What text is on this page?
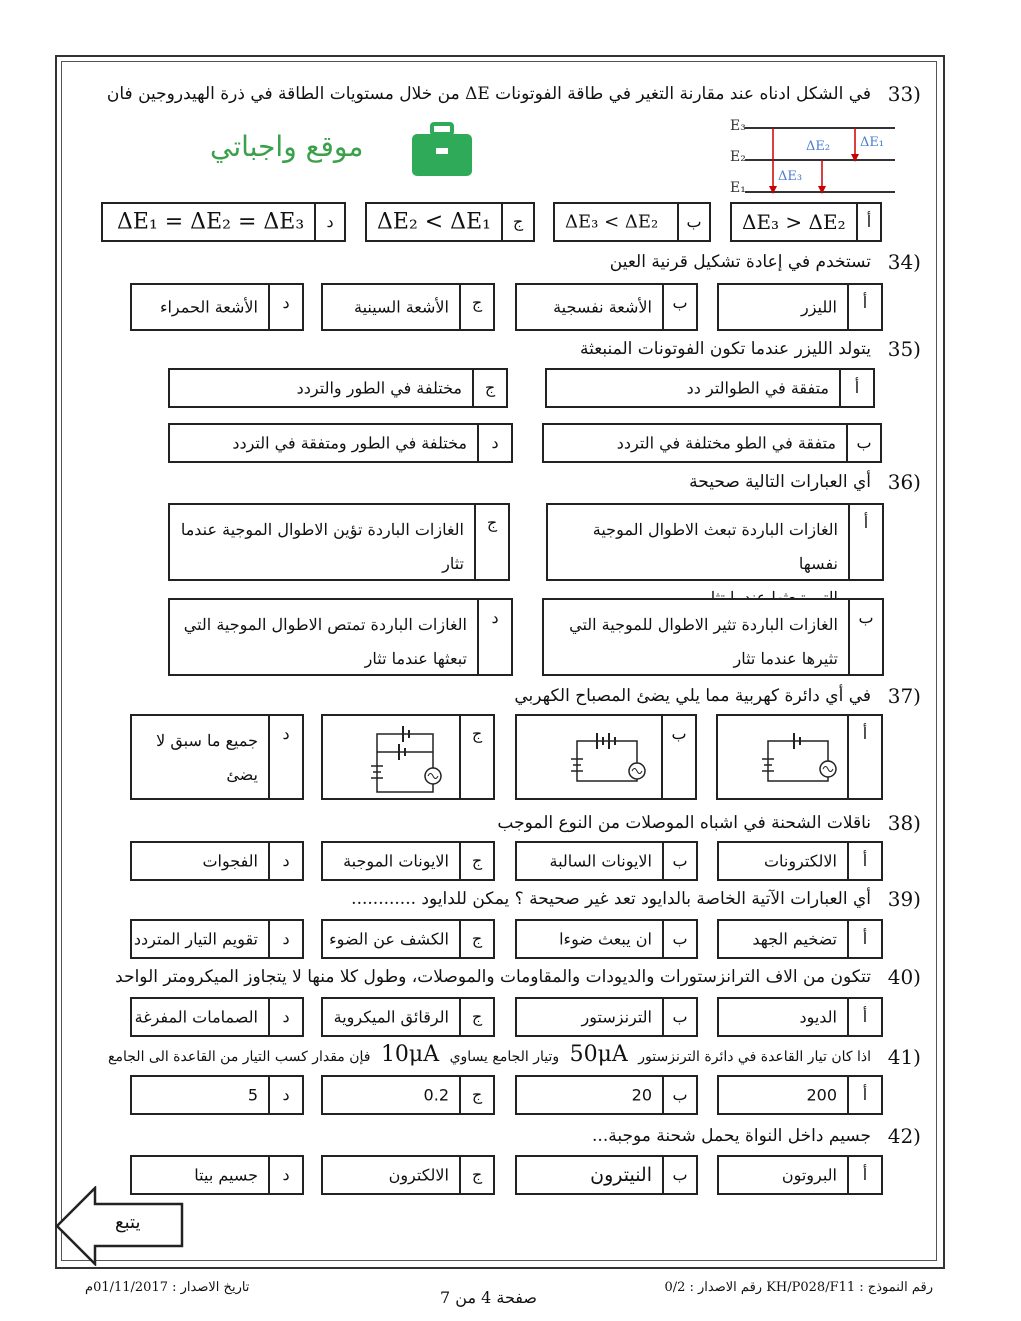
33)
في الشكل ادناه عند مقارنة التغير في طاقة الفوتونات ΔE من خلال مستويات الطاقة في ذرة الهيدروجين فان
موقع واجباتي
E₃
E₂
E₁
ΔE₂ ΔE₁
ΔE₃
أ
ΔE₃ > ΔE₂
ب
ΔE₃ < ΔE₂
ج
ΔE₂ < ΔE₁
د
ΔE₁ = ΔE₂ = ΔE₃
34)
تستخدم في إعادة تشكيل قرنية العين
أ
الليزر
ب
الأشعة نفسجية
ج
الأشعة السينية
د
الأشعة الحمراء
35)
يتولد الليزر عندما تكون الفوتونات المنبعثة
أ
متفقة في الطوالتر دد
ج
مختلفة في الطور والتردد
ب
متفقة في الطو مختلفة في التردد
د
مختلفة في الطور ومتفقة في التردد
36)
أي العبارات التالية صحيحة
أ
الغازات الباردة تبعث الاطوال الموجية نفسها
ج
الغازات الباردة تؤين الاطوال الموجية عندما
تثار
ب
الغازات الباردة تثير الاطوال للموجية التي
تثيرها عندما تثار
د
الغازات الباردة تمتص الاطوال الموجية التي
تبعثها عندما تثار
37)
في أي دائرة كهربية مما يلي يضئ المصباح الكهربي
أ
ب
ج
د
جميع ما سبق لا
يضئ
38)
ناقلات الشحنة في اشباه الموصلات من النوع الموجب
أ
الالكترونات
ب
الايونات السالبة
ج
الايونات الموجبة
د
الفجوات
39)
أي العبارات الآتية الخاصة بالدايود تعد غير صحيحة ؟ يمكن للدايود ............
أ
تضخيم الجهد
ب
ان يبعث ضوءا
ج
الكشف عن الضوء
د
تقويم التيار المتردد
40)
تتكون من الاف الترانزستورات والديودات والمقاومات والموصلات، وطول كلا منها لا يتجاوز الميكرومتر الواحد
أ
الديود
ب
الترنزستور
ج
الرقائق الميكروية
د
الصمامات المفرغة
41)
اذا كان تيار القاعدة في دائرة الترنزستور 50μA وتيار الجامع يساوي 10μA فإن مقدار كسب التيار من القاعدة الى الجامع
أ
200
ب
20
ج
0.2
د
5
42)
جسيم داخل النواة يحمل شحنة موجبة...
أ
البروتون
ب
النيترون
ج
الالكترون
د
جسيم بيتا
يتبع
رقم النموذج : KH/P028/F11 رقم الاصدار : 0/2
صفحة 4 من 7
تاريخ الاصدار : 01/11/2017م
